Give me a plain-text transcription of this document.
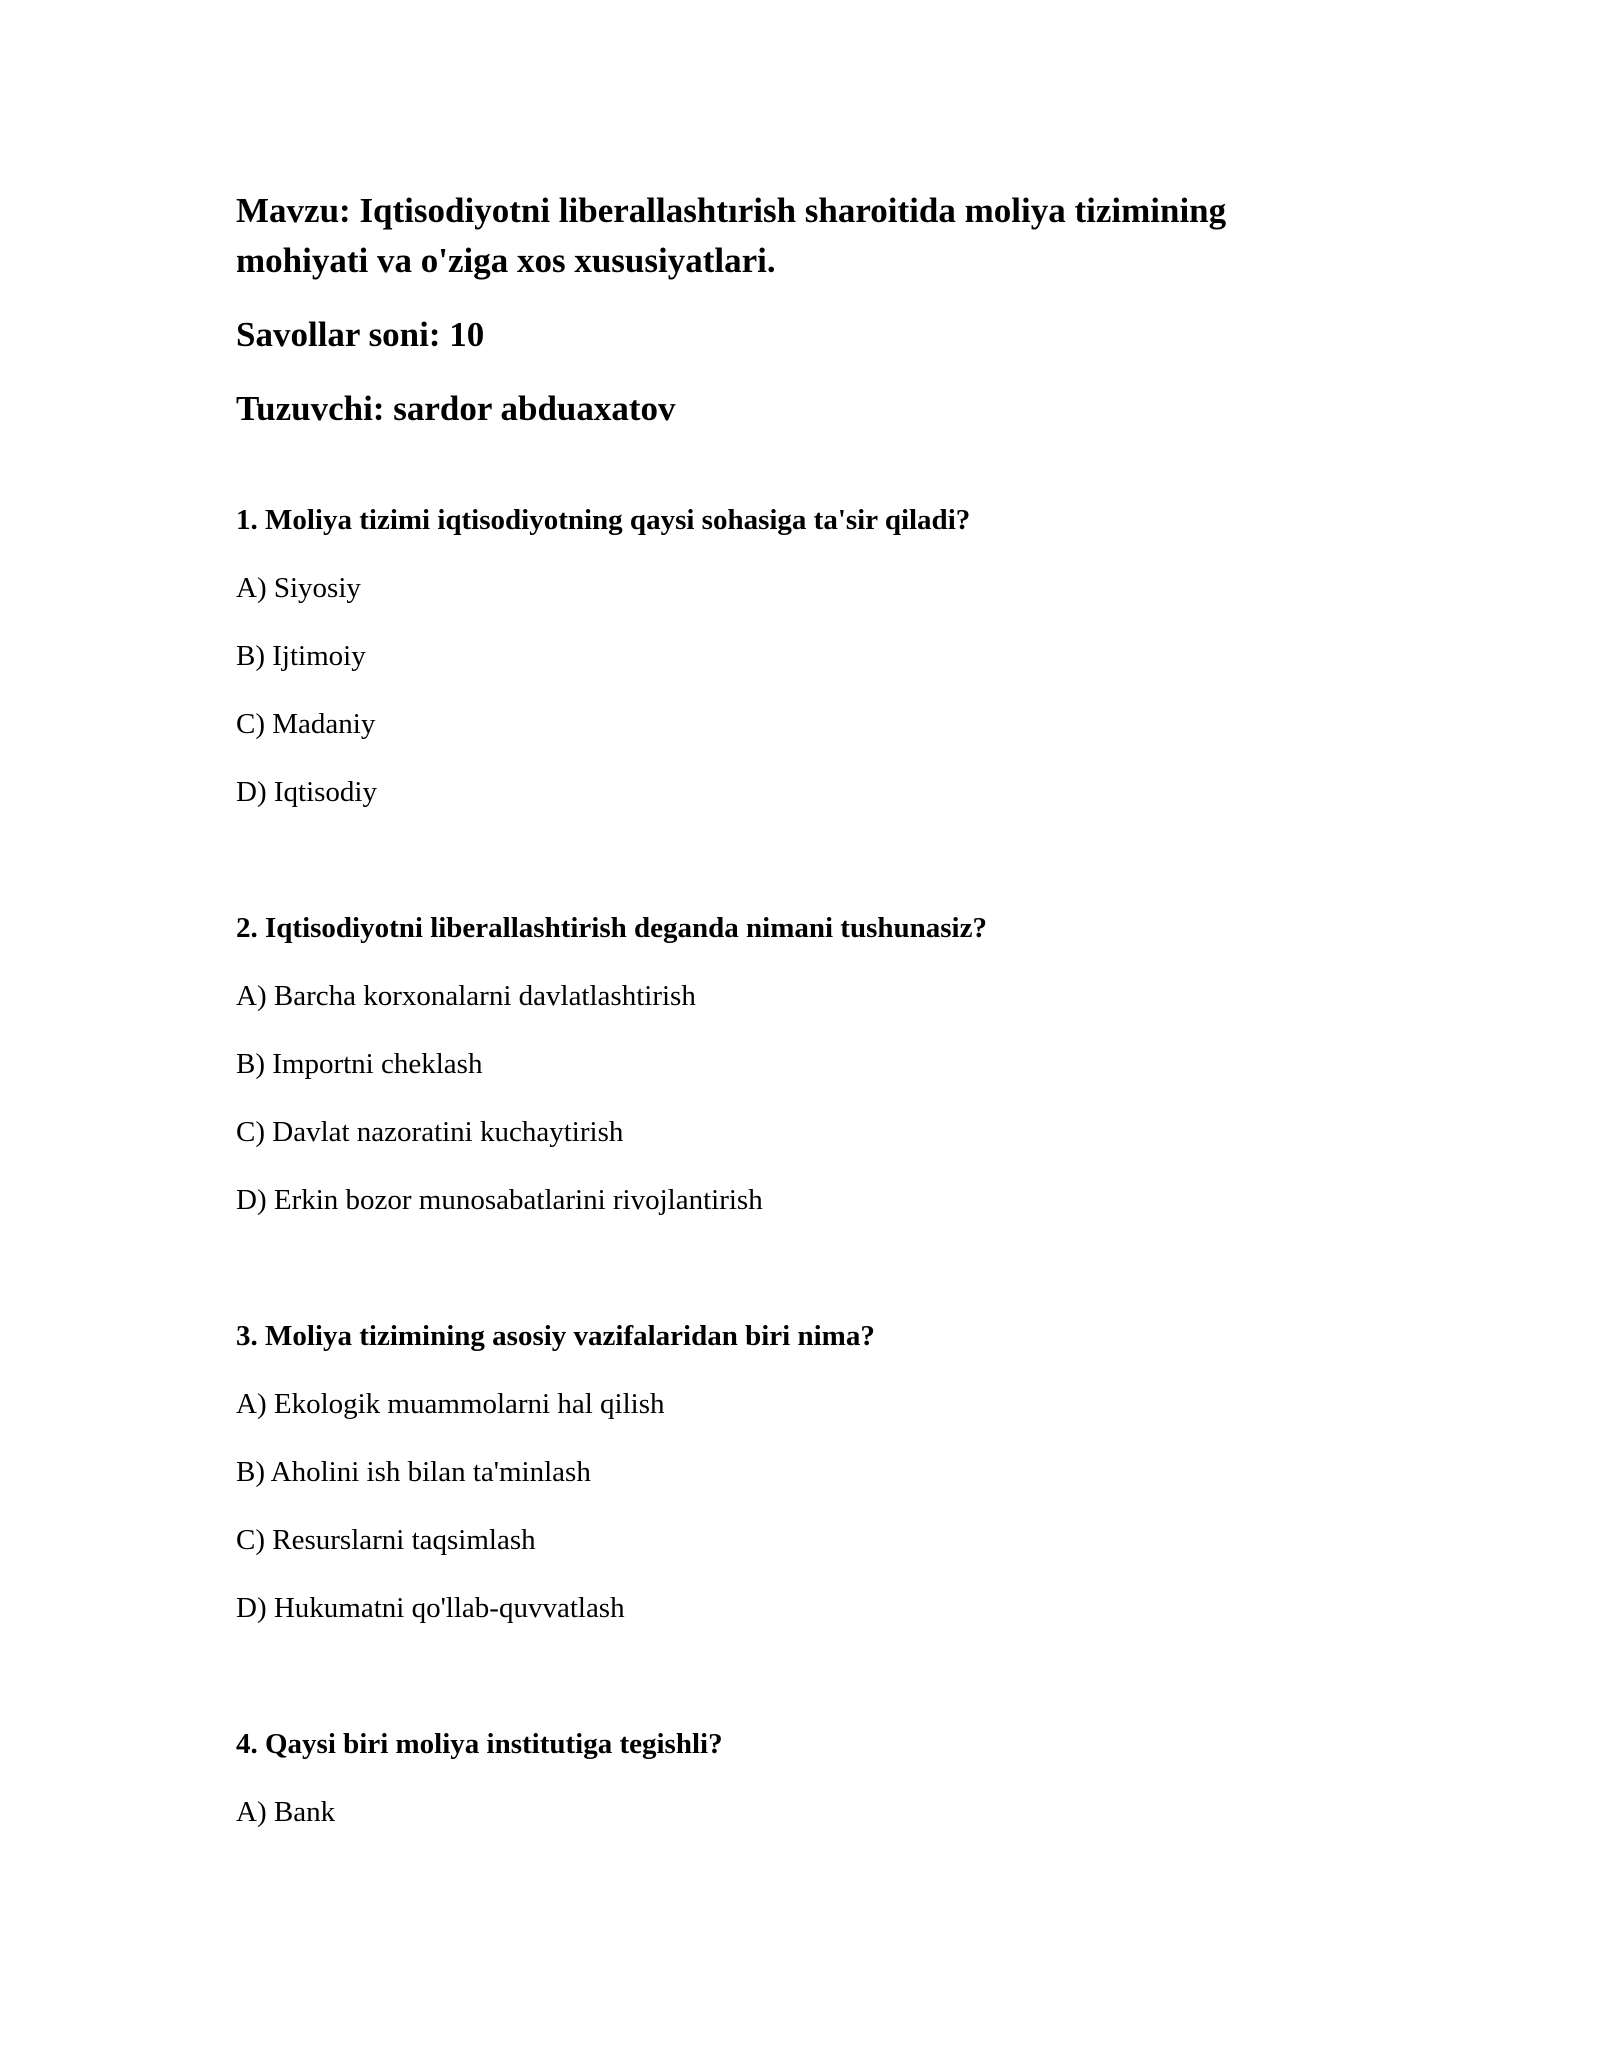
Mavzu: Iqtisodiyotni liberallashtırish sharoitida moliya tizimining

mohiyati va o'ziga xos xususiyatlari.

Savollar soni: 10

Tuzuvchi: sardor abduaxatov

1. Moliya tizimi iqtisodiyotning qaysi sohasiga ta'sir qiladi?

A) Siyosiy
B) Ijtimoiy
C) Madaniy
D) Iqtisodiy

2. Iqtisodiyotni liberallashtirish deganda nimani tushunasiz?

A) Barcha korxonalarni davlatlashtirish
B) Importni cheklash
C) Davlat nazoratini kuchaytirish
D) Erkin bozor munosabatlarini rivojlantirish

3. Moliya tizimining asosiy vazifalaridan biri nima?

A) Ekologik muammolarni hal qilish
B) Aholini ish bilan ta'minlash
C) Resurslarni taqsimlash
D) Hukumatni qo'llab-quvvatlash

4. Qaysi biri moliya institutiga tegishli?

A) Bank
